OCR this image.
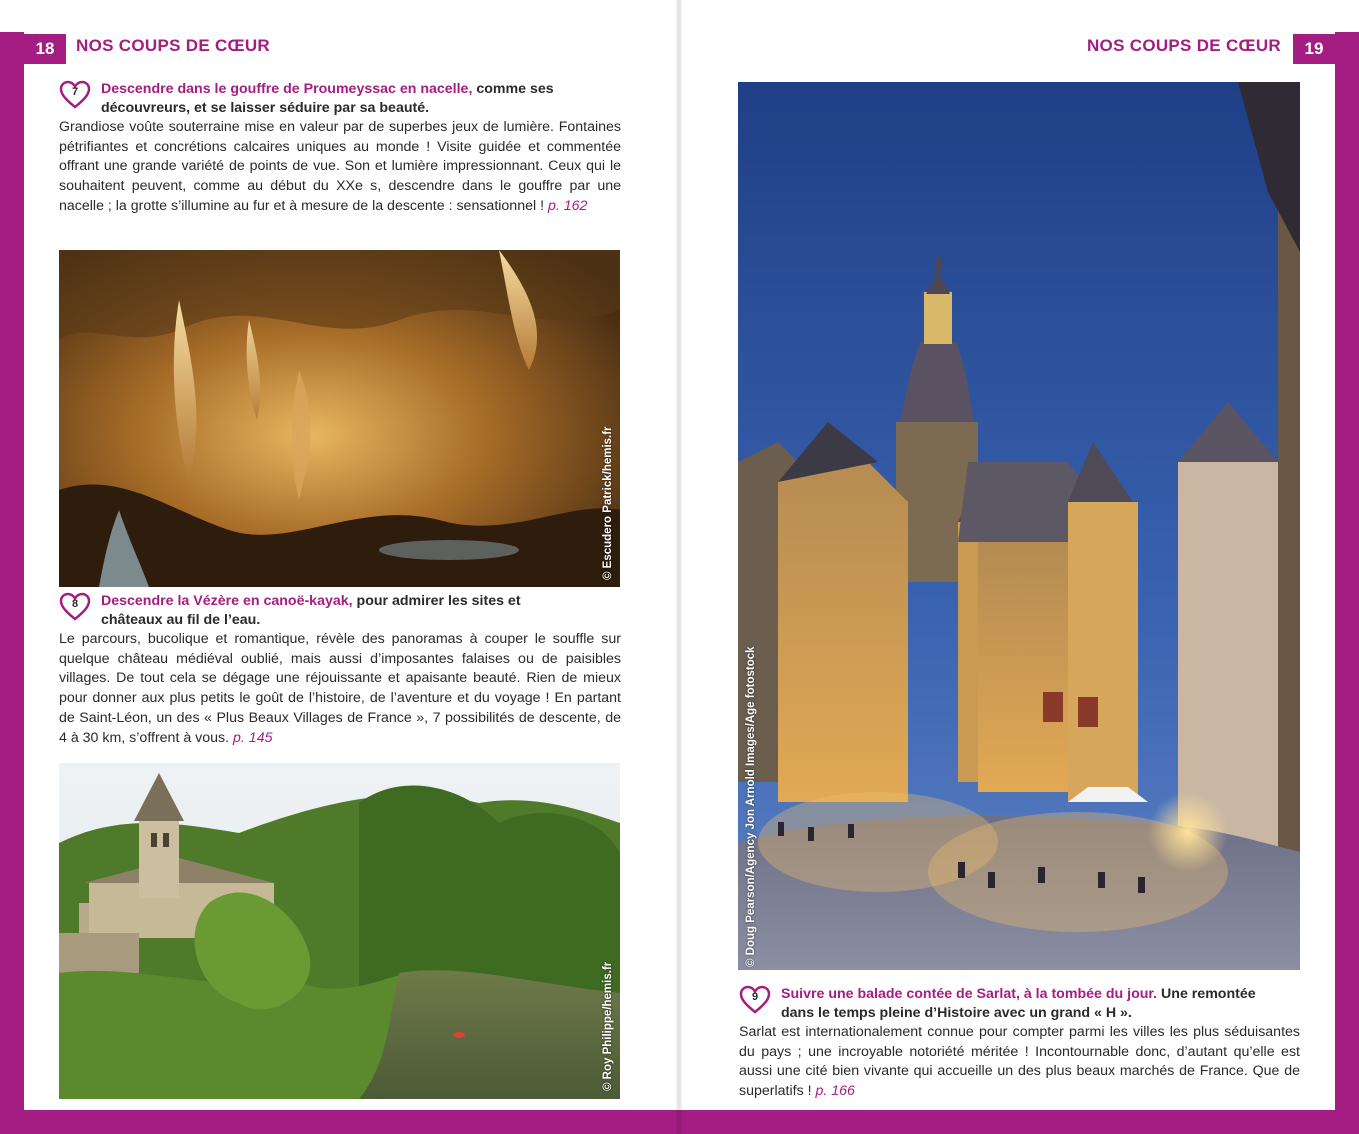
18	NOS COUPS DE CŒUR	NOS COUPS DE CŒUR	19
7	Descendre dans le gouffre de Proumeyssac en nacelle, comme ses découvreurs, et se laisser séduire par sa beauté.

Grandiose voûte souterraine mise en valeur par de superbes jeux de lumière. Fontaines pétrifiantes et concrétions calcaires uniques au monde ! Visite guidée et commentée offrant une grande variété de points de vue. Son et lumière impressionnant. Ceux qui le souhaitent peuvent, comme au début du XXe s, descendre dans le gouffre par une nacelle ; la grotte s’illumine au fur et à mesure de la descente : sensationnel ! p. 162

© Escudero Patrick/hemis.fr
8	Descendre la Vézère en canoë-kayak, pour admirer les sites et châteaux au fil de l’eau.

Le parcours, bucolique et romantique, révèle des panoramas à couper le souffle sur quelque château médiéval oublié, mais aussi d’imposantes falaises ou de paisibles villages. De tout cela se dégage une réjouissante et apaisante beauté. Rien de mieux pour donner aux plus petits le goût de l’histoire, de l’aventure et du voyage ! En partant de Saint-Léon, un des « Plus Beaux Villages de France », 7 possibilités de descente, de 4 à 30 km, s’offrent à vous. p. 145

© Roy Philippe/hemis.fr
© Doug Pearson/Agency Jon Arnold Images/Age fotostock
9	Suivre une balade contée de Sarlat, à la tombée du jour. Une remontée dans le temps pleine d’Histoire avec un grand « H ».

Sarlat est internationalement connue pour compter parmi les villes les plus séduisantes du pays ; une incroyable notoriété méritée ! Incontournable donc, d’autant qu’elle est aussi une cité bien vivante qui accueille un des plus beaux marchés de France. Que de superlatifs ! p. 166
